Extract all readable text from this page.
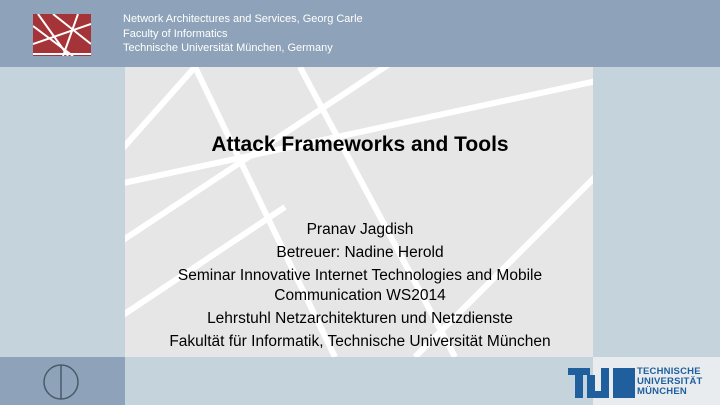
Network Architectures and Services, Georg Carle
Faculty of Informatics
Technische Universität München, Germany
Attack Frameworks and Tools
Pranav Jagdish
Betreuer: Nadine Herold
Seminar Innovative Internet Technologies and Mobile Communication WS2014
Lehrstuhl Netzarchitekturen und Netzdienste
Fakultät für Informatik, Technische Universität München
TECHNISCHE
UNIVERSITÄT
MÜNCHEN
